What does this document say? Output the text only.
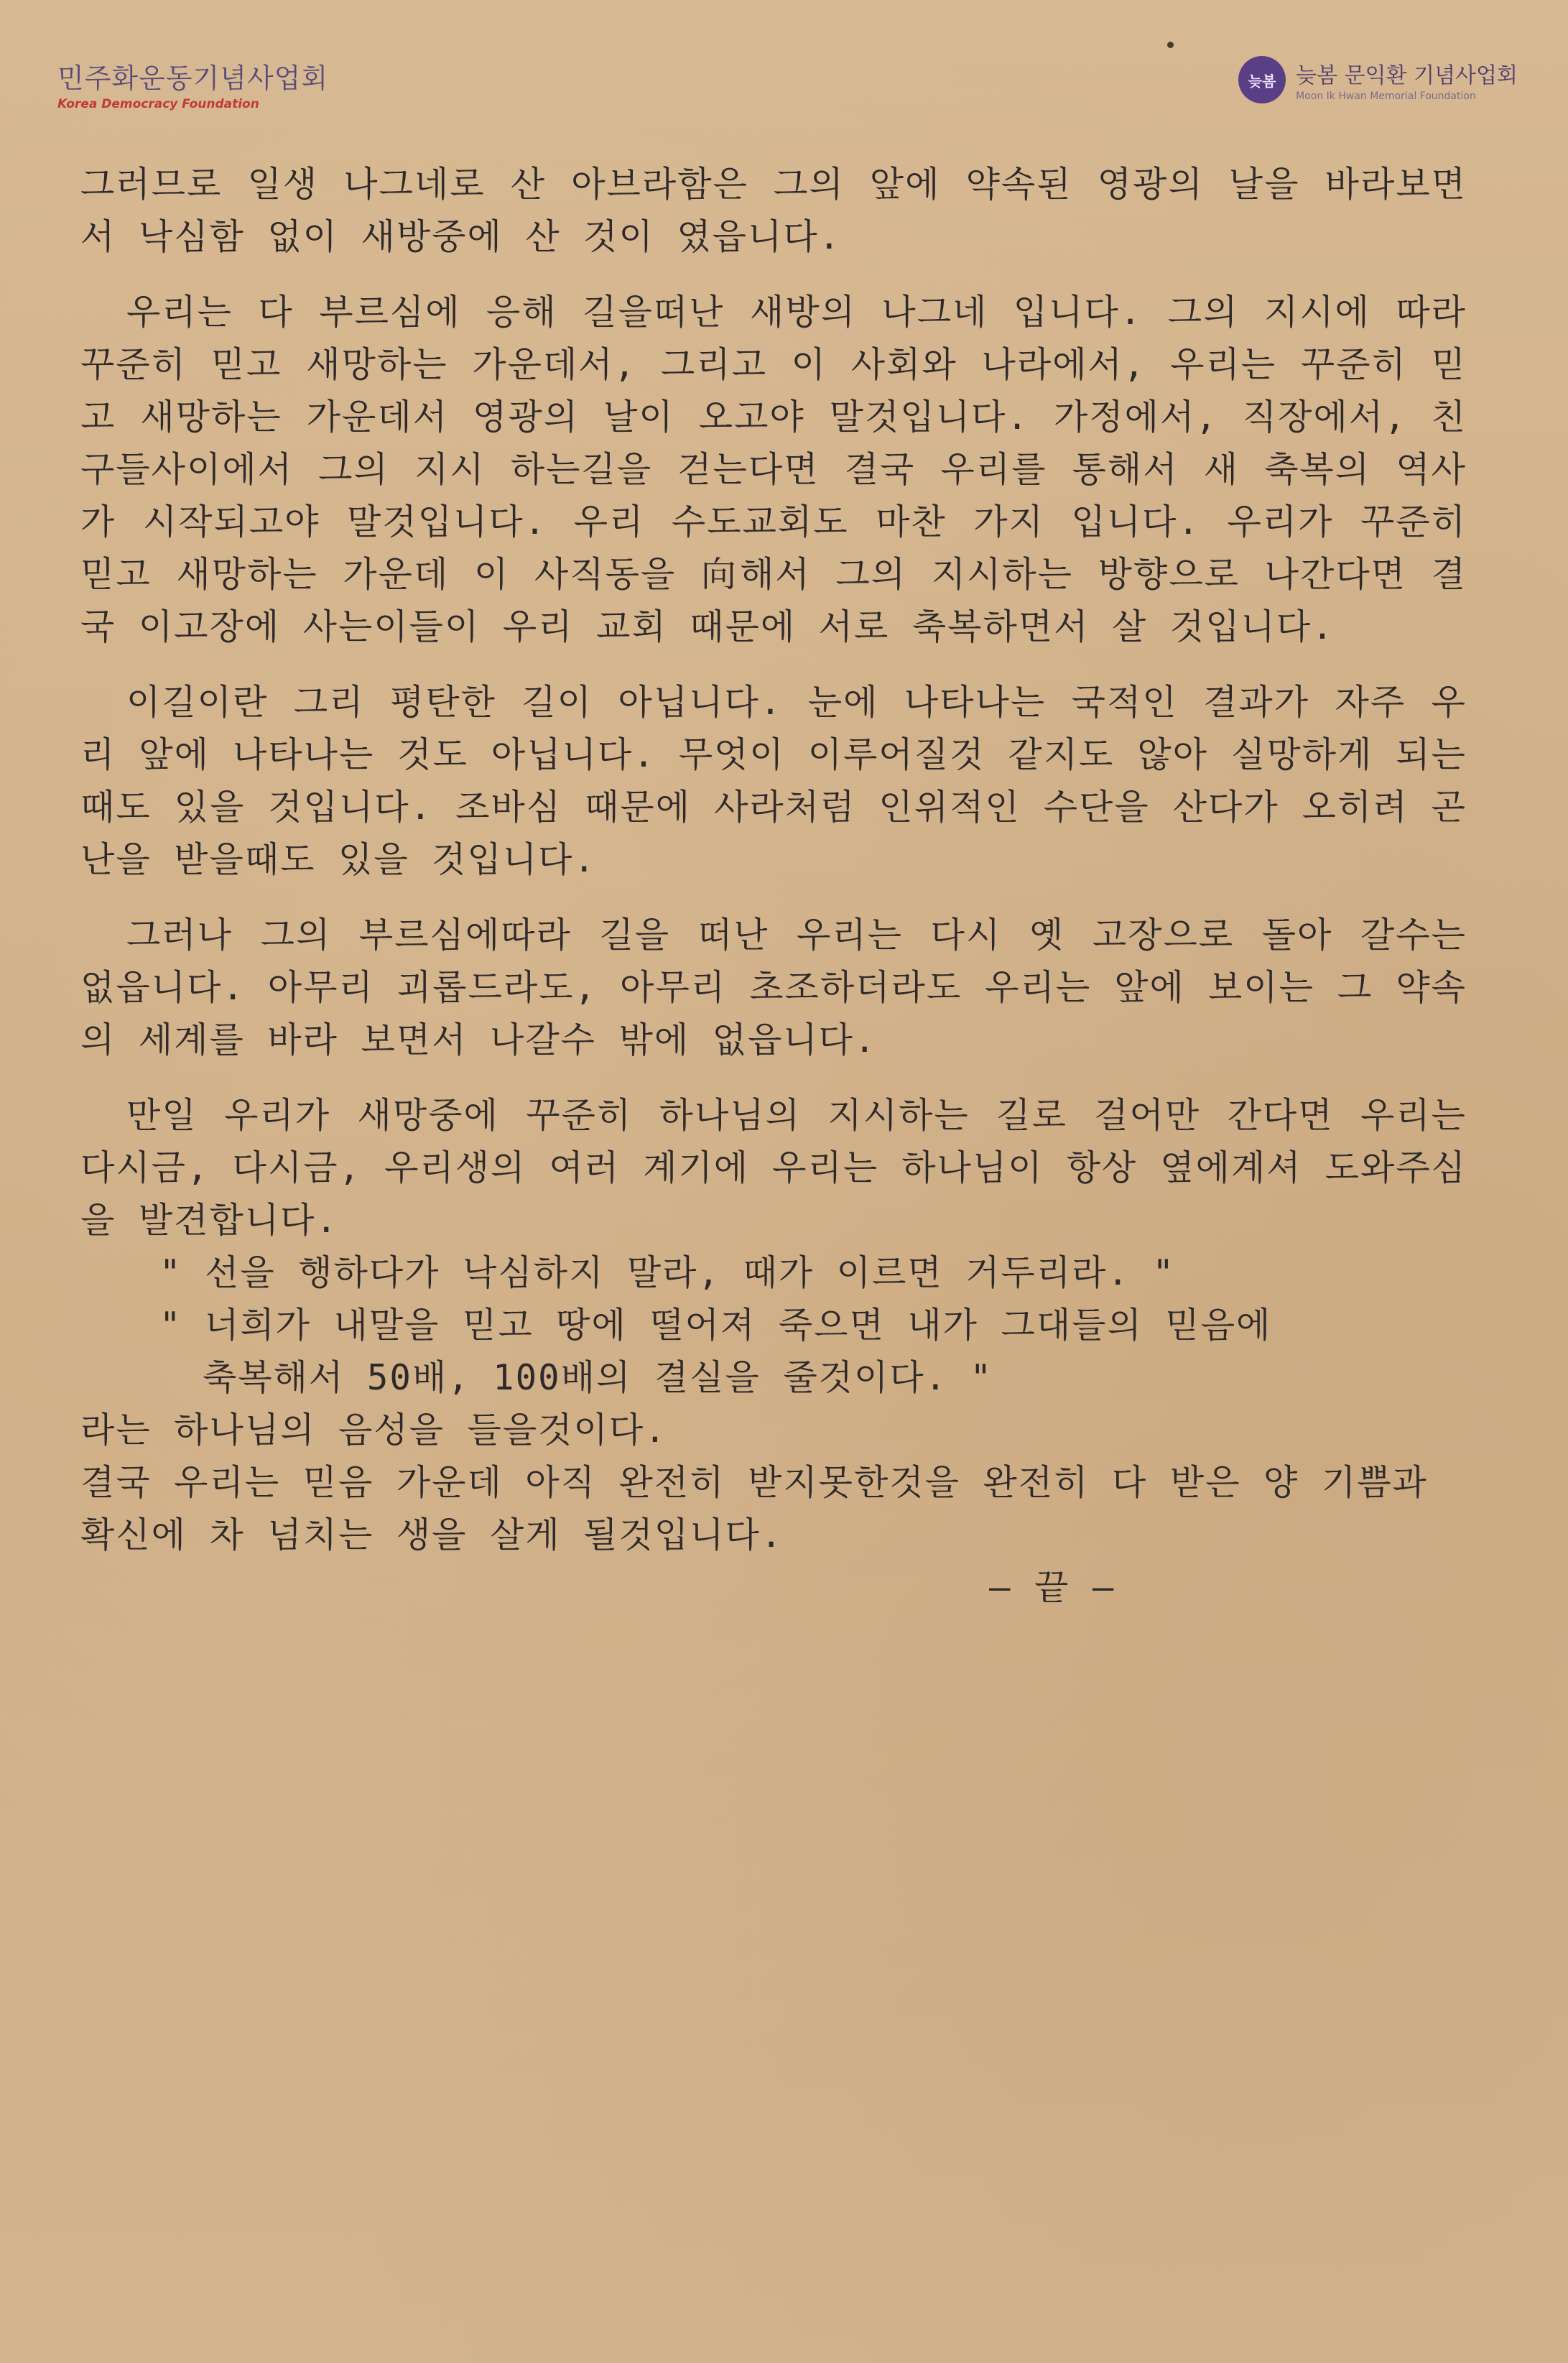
민주화운동기념사업회
Korea Democracy Foundation
늦봄 늦봄 문익환 기념사업회
Moon Ik Hwan Memorial Foundation

그러므로 일생 나그네로 산 아브라함은 그의 앞에 약속된 영광의 날을 바라보면서 낙심함 없이 새방중에 산 것이 였읍니다.

우리는 다 부르심에 응해 길을떠난 새방의 나그네 입니다. 그의 지시에 따라 꾸준히 믿고 새망하는 가운데서, 그리고 이 사회와 나라에서, 우리는 꾸준히 믿고 새망하는 가운데서 영광의 날이 오고야 말것입니다. 가정에서, 직장에서, 친구들사이에서 그의 지시 하는길을 걷는다면 결국 우리를 통해서 새 축복의 역사가 시작되고야 말것입니다. 우리 수도교회도 마찬 가지 입니다. 우리가 꾸준히 믿고 새망하는 가운데 이 사직동을 向해서 그의 지시하는 방향으로 나간다면 결국 이고장에 사는이들이 우리 교회 때문에 서로 축복하면서 살 것입니다.

이길이란 그리 평탄한 길이 아닙니다. 눈에 나타나는 국적인 결과가 자주 우리 앞에 나타나는 것도 아닙니다. 무엇이 이루어질것 같지도 않아 실망하게 되는 때도 있을 것입니다. 조바심 때문에 사라처럼 인위적인 수단을 산다가 오히려 곤난을 받을때도 있을 것입니다.

그러나 그의 부르심에따라 길을 떠난 우리는 다시 옛 고장으로 돌아 갈수는 없읍니다. 아무리 괴롭드라도, 아무리 초조하더라도 우리는 앞에 보이는 그 약속의 세계를 바라 보면서 나갈수 밖에 없읍니다.

만일 우리가 새망중에 꾸준히 하나님의 지시하는 길로 걸어만 간다면 우리는 다시금, 다시금, 우리생의 여러 계기에 우리는 하나님이 항상 옆에계셔 도와주심을 발견합니다.

" 선을 행하다가 낙심하지 말라, 때가 이르면 거두리라. "

" 너희가 내말을 믿고 땅에 떨어져 죽으면 내가 그대들의 믿음에

축복해서 50배, 100배의 결실을 줄것이다. "

라는 하나님의 음성을 들을것이다.

결국 우리는 믿음 가운데 아직 완전히 받지못한것을 완전히 다 받은 양 기쁨과 확신에 차 넘치는 생을 살게 될것입니다.

— 끝 —
